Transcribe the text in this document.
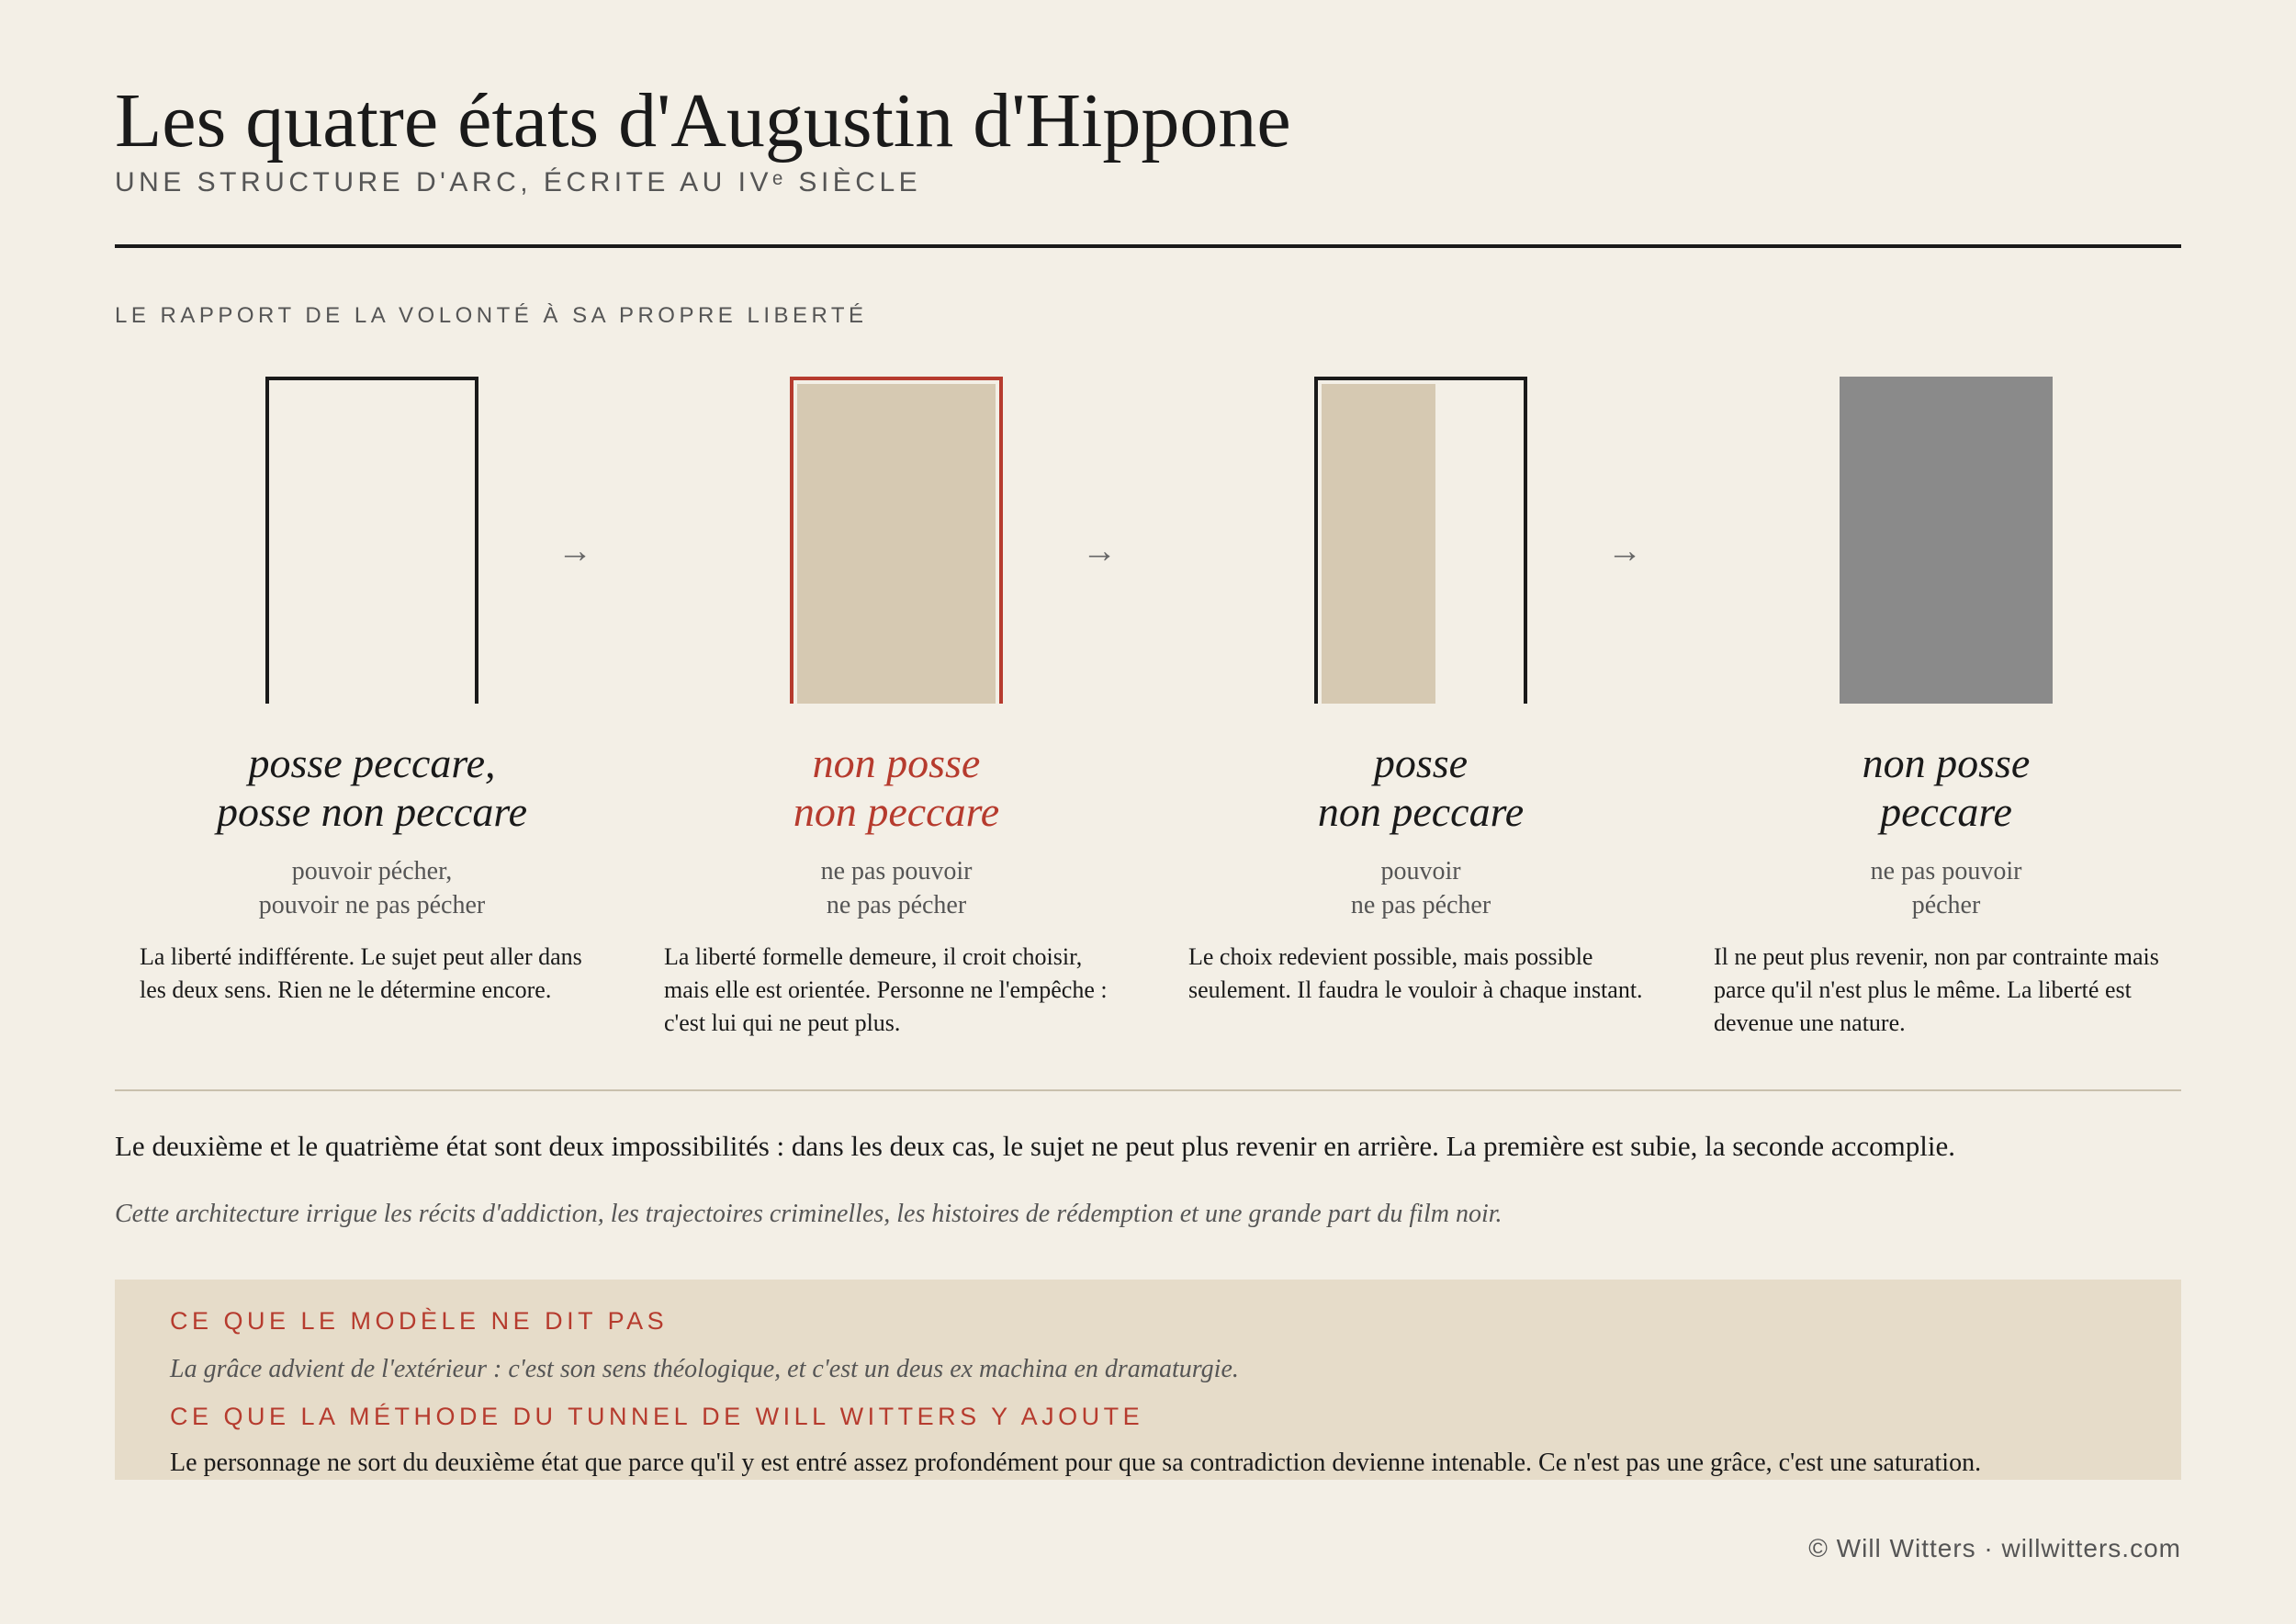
Les quatre états d'Augustin d'Hippone
UNE STRUCTURE D'ARC, ÉCRITE AU IVᵉ SIÈCLE
LE RAPPORT DE LA VOLONTÉ À SA PROPRE LIBERTÉ
posse peccare,
posse non peccare
pouvoir pécher,
pouvoir ne pas pécher
La liberté indifférente. Le sujet peut aller dans les deux sens. Rien ne le détermine encore.
→
non posse
non peccare
ne pas pouvoir
ne pas pécher
La liberté formelle demeure, il croit choisir, mais elle est orientée. Personne ne l'empêche : c'est lui qui ne peut plus.
→
posse
non peccare
pouvoir
ne pas pécher
Le choix redevient possible, mais possible seulement. Il faudra le vouloir à chaque instant.
→
non posse
peccare
ne pas pouvoir
pécher
Il ne peut plus revenir, non par contrainte mais parce qu'il n'est plus le même. La liberté est devenue une nature.
Le deuxième et le quatrième état sont deux impossibilités : dans les deux cas, le sujet ne peut plus revenir en arrière. La première est subie, la seconde accomplie.
Cette architecture irrigue les récits d'addiction, les trajectoires criminelles, les histoires de rédemption et une grande part du film noir.
CE QUE LE MODÈLE NE DIT PAS
La grâce advient de l'extérieur : c'est son sens théologique, et c'est un deus ex machina en dramaturgie.
CE QUE LA MÉTHODE DU TUNNEL DE WILL WITTERS Y AJOUTE
Le personnage ne sort du deuxième état que parce qu'il y est entré assez profondément pour que sa contradiction devienne intenable. Ce n'est pas une grâce, c'est une saturation.
© Will Witters · willwitters.com
